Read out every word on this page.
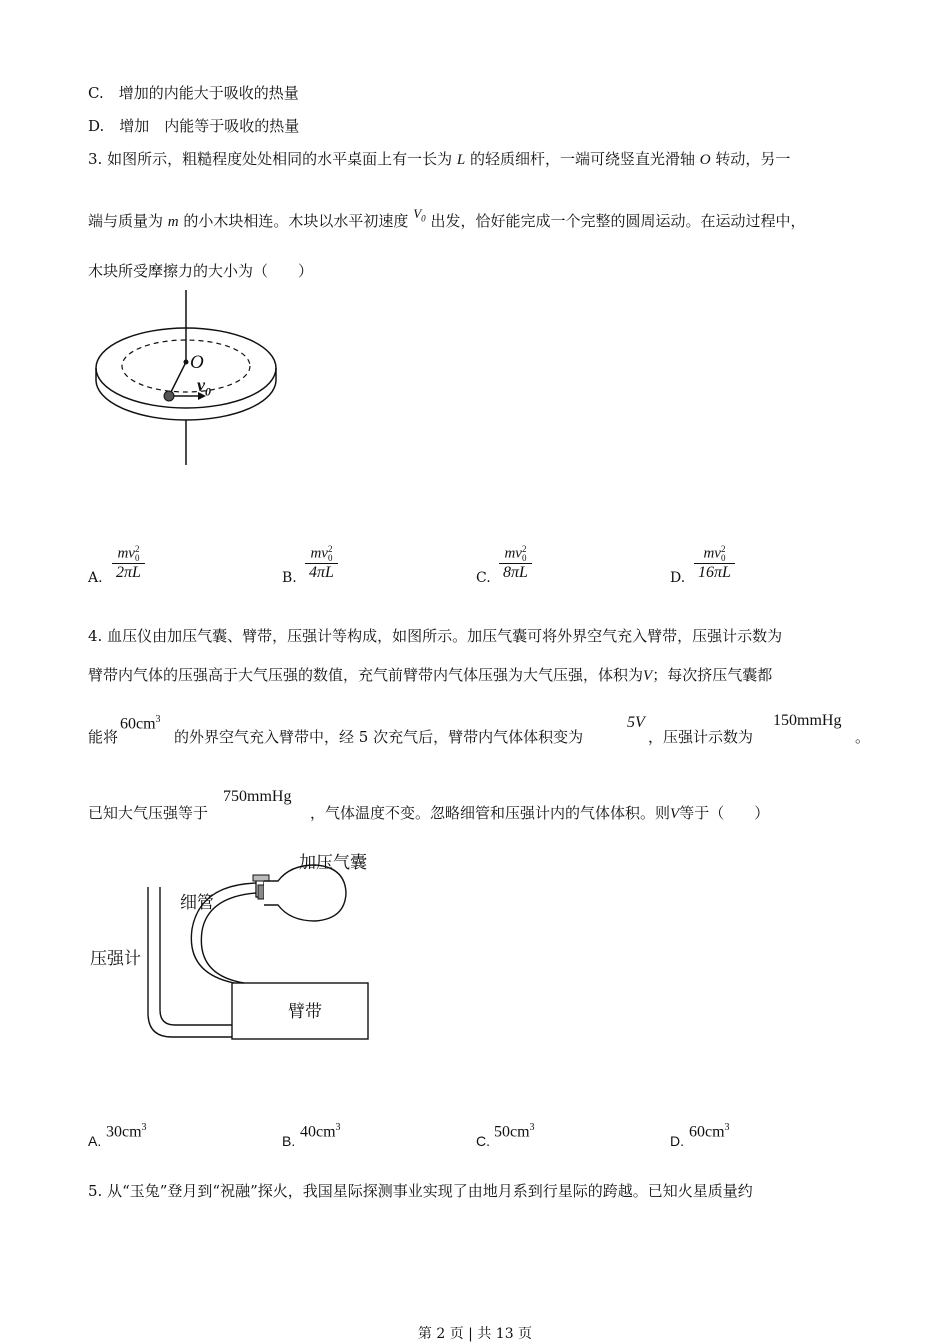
C.　增加的内能大于吸收的热量
D.　增加　内能等于吸收的热量
3. 如图所示，粗糙程度处处相同的水平桌面上有一长为 L 的轻质细杆，一端可绕竖直光滑轴 O 转动，另一
端与质量为 m 的小木块相连。木块以水平初速度 $V_0$ 出发，恰好能完成一个完整的圆周运动。在运动过程中，
木块所受摩擦力的大小为（　　）
O
$v_0$
A. mv 2
0
2πL	B. mv 2
0
4πL	C. mv 2
0
8πL	D. mv 2
0
16πL
4. 血压仪由加压气囊、臂带，压强计等构成，如图所示。加压气囊可将外界空气充入臂带，压强计示数为
臂带内气体的压强高于大气压强的数值，充气前臂带内气体压强为大气压强，体积为V；每次挤压气囊都
能将
$60cm^3$
的外界空气充入臂带中，经 5 次充气后，臂带内气体体积变为
5V
，压强计示数为
150mmHg
。
已知大气压强等于
750mmHg
，气体温度不变。忽略细管和压强计内的气体体积。则V等于（　　）
加压气囊
细管
压强计
臂带
A.
$30cm^3$
B.
$40cm^3$
C.
$50cm^3$
D.
$60cm^3$
5. 从“玉兔”登月到“祝融”探火，我国星际探测事业实现了由地月系到行星际的跨越。已知火星质量约
第 2 页 | 共 13 页
